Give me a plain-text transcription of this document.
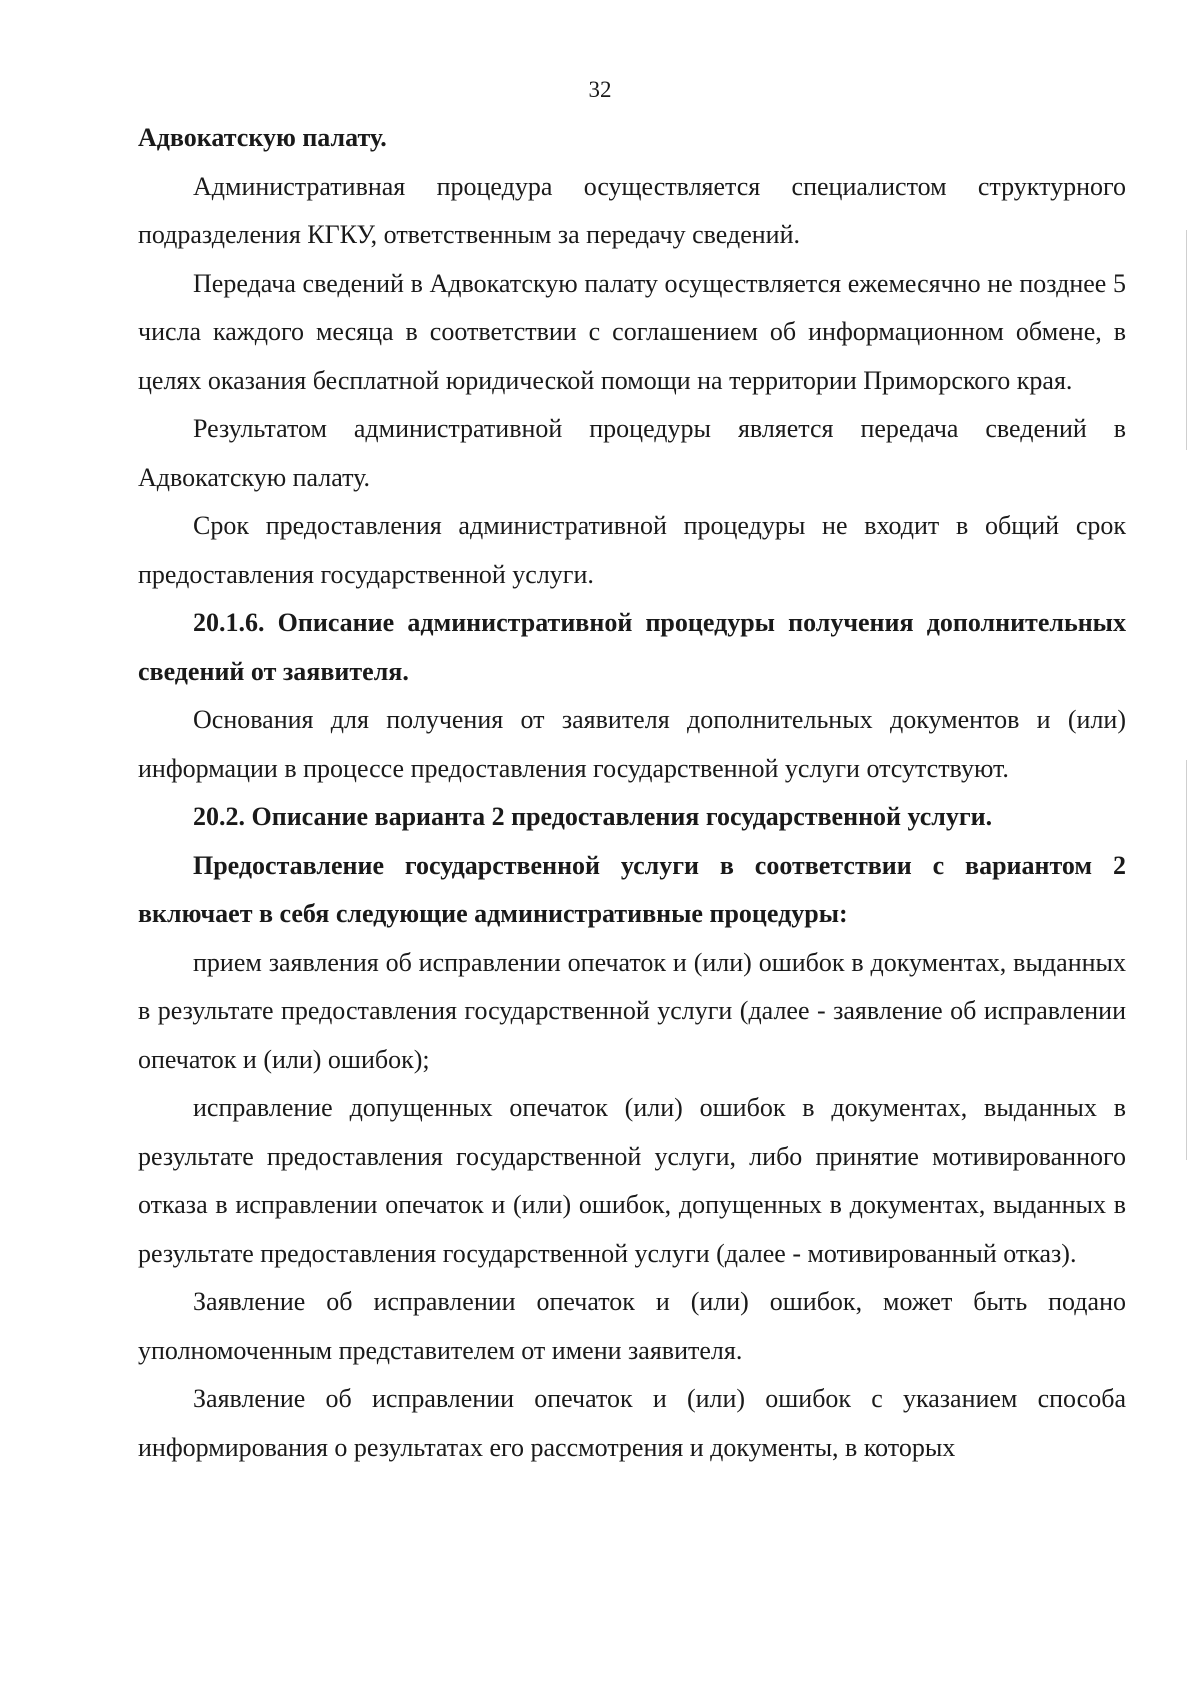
32

Адвокатскую палату.

Административная процедура осуществляется специалистом структурного подразделения КГКУ, ответственным за передачу сведений.

Передача сведений в Адвокатскую палату осуществляется ежемесячно не позднее 5 числа каждого месяца в соответствии с соглашением об информационном обмене, в целях оказания бесплатной юридической помощи на территории Приморского края.

Результатом административной процедуры является передача сведений в Адвокатскую палату.

Срок предоставления административной процедуры не входит в общий срок предоставления государственной услуги.

20.1.6. Описание административной процедуры получения дополнительных сведений от заявителя.

Основания для получения от заявителя дополнительных документов и (или) информации в процессе предоставления государственной услуги отсутствуют.

20.2. Описание варианта 2 предоставления государственной услуги.

Предоставление государственной услуги в соответствии с вариантом 2 включает в себя следующие административные процедуры:

прием заявления об исправлении опечаток и (или) ошибок в документах, выданных в результате предоставления государственной услуги (далее - заявление об исправлении опечаток и (или) ошибок);

исправление допущенных опечаток (или) ошибок в документах, выданных в результате предоставления государственной услуги, либо принятие мотивированного отказа в исправлении опечаток и (или) ошибок, допущенных в документах, выданных в результате предоставления государственной услуги (далее - мотивированный отказ).

Заявление об исправлении опечаток и (или) ошибок, может быть подано уполномоченным представителем от имени заявителя.

Заявление об исправлении опечаток и (или) ошибок с указанием способа информирования о результатах его рассмотрения и документы, в которых
